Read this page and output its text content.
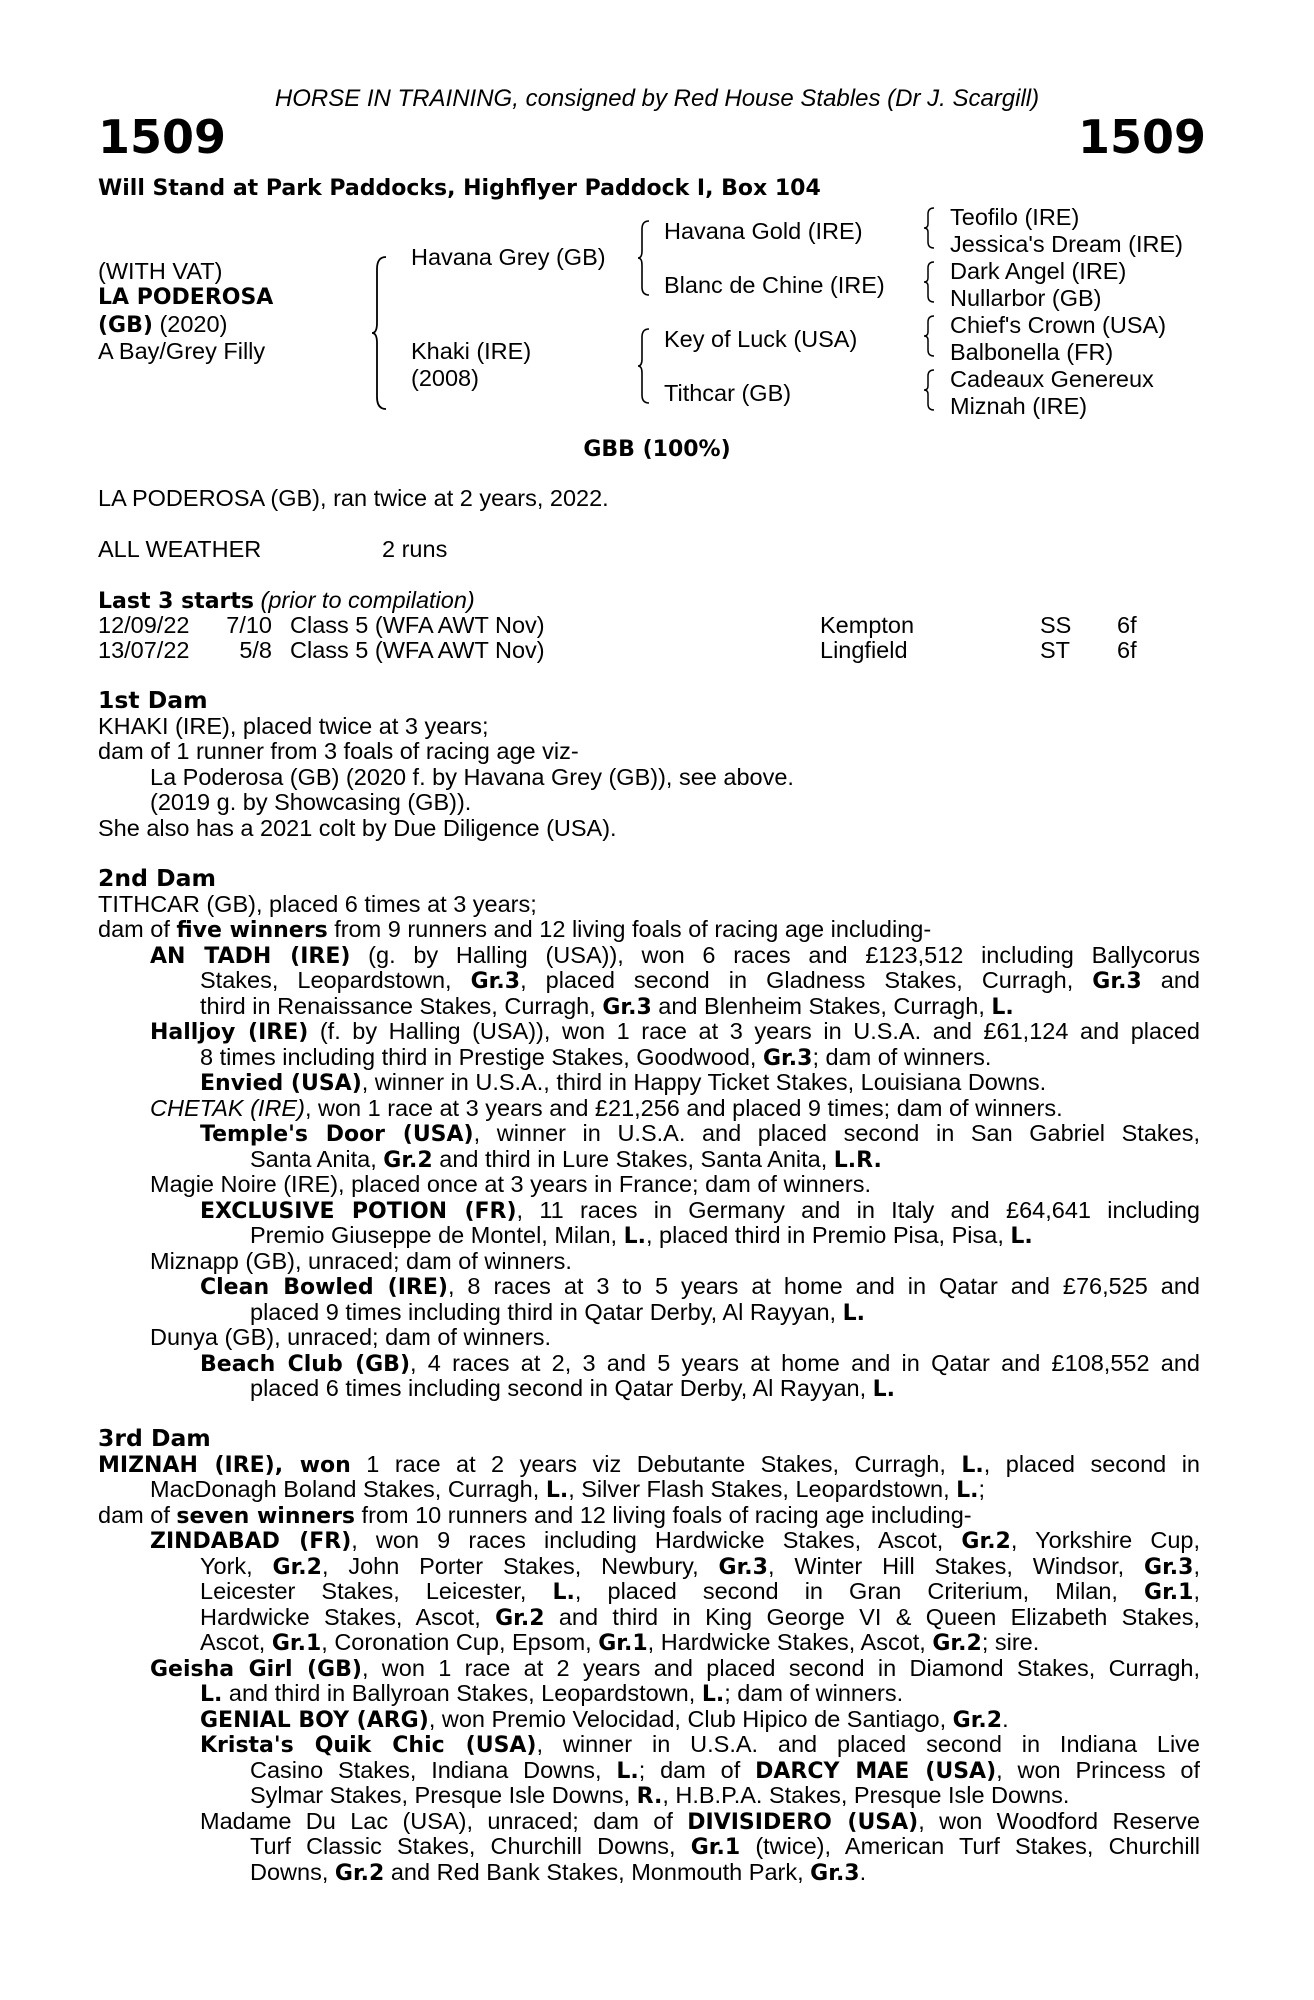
HORSE IN TRAINING, consigned by Red House Stables (Dr J. Scargill)
1509	1509
Will Stand at Park Paddocks, Highflyer Paddock I, Box 104
(WITH VAT)
LA PODEROSA
(GB) (2020)
A Bay/Grey Filly
Havana Grey (GB)
Khaki (IRE)
(2008)
Havana Gold (IRE)
Blanc de Chine (IRE)
Key of Luck (USA)
Tithcar (GB)
Teofilo (IRE)
Jessica's Dream (IRE)
Dark Angel (IRE)
Nullarbor (GB)
Chief's Crown (USA)
Balbonella (FR)
Cadeaux Genereux
Miznah (IRE)
GBB (100%)
LA PODEROSA (GB), ran twice at 2 years, 2022.
ALL WEATHER	2 runs
Last 3 starts (prior to compilation)
12/09/22	7/10 Class 5 (WFA AWT Nov)	Kempton	SS 6f
13/07/22	5/8 Class 5 (WFA AWT Nov)	Lingfield	ST 6f
1st Dam
KHAKI (IRE), placed twice at 3 years;
dam of 1 runner from 3 foals of racing age viz-
La Poderosa (GB) (2020 f. by Havana Grey (GB)), see above.
(2019 g. by Showcasing (GB)).
She also has a 2021 colt by Due Diligence (USA).
2nd Dam
TITHCAR (GB), placed 6 times at 3 years;
dam of five winners from 9 runners and 12 living foals of racing age including-
AN TADH (IRE) (g. by Halling (USA)), won 6 races and £123,512 including Ballycorus
Stakes, Leopardstown, Gr.3, placed second in Gladness Stakes, Curragh, Gr.3 and
third in Renaissance Stakes, Curragh, Gr.3 and Blenheim Stakes, Curragh, L.
Halljoy (IRE) (f. by Halling (USA)), won 1 race at 3 years in U.S.A. and £61,124 and placed
8 times including third in Prestige Stakes, Goodwood, Gr.3; dam of winners.
Envied (USA), winner in U.S.A., third in Happy Ticket Stakes, Louisiana Downs.
CHETAK (IRE), won 1 race at 3 years and £21,256 and placed 9 times; dam of winners.
Temple's Door (USA), winner in U.S.A. and placed second in San Gabriel Stakes,
Santa Anita, Gr.2 and third in Lure Stakes, Santa Anita, L.R.
Magie Noire (IRE), placed once at 3 years in France; dam of winners.
EXCLUSIVE POTION (FR), 11 races in Germany and in Italy and £64,641 including
Premio Giuseppe de Montel, Milan, L., placed third in Premio Pisa, Pisa, L.
Miznapp (GB), unraced; dam of winners.
Clean Bowled (IRE), 8 races at 3 to 5 years at home and in Qatar and £76,525 and
placed 9 times including third in Qatar Derby, Al Rayyan, L.
Dunya (GB), unraced; dam of winners.
Beach Club (GB), 4 races at 2, 3 and 5 years at home and in Qatar and £108,552 and
placed 6 times including second in Qatar Derby, Al Rayyan, L.
3rd Dam
MIZNAH (IRE), won 1 race at 2 years viz Debutante Stakes, Curragh, L., placed second in
MacDonagh Boland Stakes, Curragh, L., Silver Flash Stakes, Leopardstown, L.;
dam of seven winners from 10 runners and 12 living foals of racing age including-
ZINDABAD (FR), won 9 races including Hardwicke Stakes, Ascot, Gr.2, Yorkshire Cup,
York, Gr.2, John Porter Stakes, Newbury, Gr.3, Winter Hill Stakes, Windsor, Gr.3,
Leicester Stakes, Leicester, L., placed second in Gran Criterium, Milan, Gr.1,
Hardwicke Stakes, Ascot, Gr.2 and third in King George VI & Queen Elizabeth Stakes,
Ascot, Gr.1, Coronation Cup, Epsom, Gr.1, Hardwicke Stakes, Ascot, Gr.2; sire.
Geisha Girl (GB), won 1 race at 2 years and placed second in Diamond Stakes, Curragh,
L. and third in Ballyroan Stakes, Leopardstown, L.; dam of winners.
GENIAL BOY (ARG), won Premio Velocidad, Club Hipico de Santiago, Gr.2.
Krista's Quik Chic (USA), winner in U.S.A. and placed second in Indiana Live
Casino Stakes, Indiana Downs, L.; dam of DARCY MAE (USA), won Princess of
Sylmar Stakes, Presque Isle Downs, R., H.B.P.A. Stakes, Presque Isle Downs.
Madame Du Lac (USA), unraced; dam of DIVISIDERO (USA), won Woodford Reserve
Turf Classic Stakes, Churchill Downs, Gr.1 (twice), American Turf Stakes, Churchill
Downs, Gr.2 and Red Bank Stakes, Monmouth Park, Gr.3.
